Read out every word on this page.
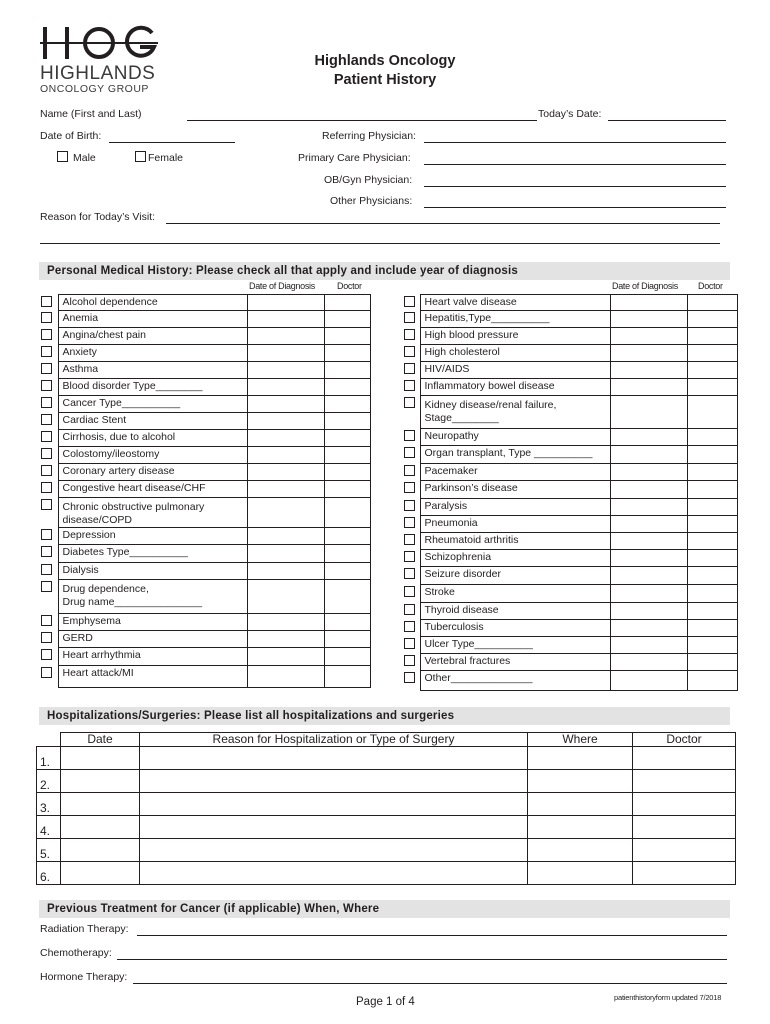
HIGHLANDS
ONCOLOGY GROUP
Highlands Oncology
Patient History
Name (First and Last)	Today’s Date:
Date of Birth:	Referring Physician:
Male	Female	Primary Care Physician:
OB/Gyn Physician:
Other Physicians:
Reason for Today’s Visit:
Personal Medical History: Please check all that apply and include year of diagnosis
Date of Diagnosis Doctor	Date of Diagnosis Doctor

	Alcohol dependence		

	Anemia		

	Angina/chest pain		

	Anxiety		

	Asthma		

	Blood disorder Type________		

	Cancer Type__________		

	Cardiac Stent		

	Cirrhosis, due to alcohol		

	Colostomy/ileostomy		

	Coronary artery disease		

	Congestive heart disease/CHF		

	Chronic obstructive pulmonary
disease/COPD		

	Depression		

	Diabetes Type__________		

	Dialysis		

	Drug dependence,
Drug name_______________		

	Emphysema		

	GERD		

	Heart arrhythmia		

	Heart attack/MI		

	Heart valve disease		

	Hepatitis,Type__________		

	High blood pressure		

	High cholesterol		

	HIV/AIDS		

	Inflammatory bowel disease		

	Kidney disease/renal failure,
Stage________		

	Neuropathy		

	Organ transplant, Type __________		

	Pacemaker		

	Parkinson’s disease		

	Paralysis		

	Pneumonia		

	Rheumatoid arthritis		

	Schizophrenia		

	Seizure disorder		

	Stroke		

	Thyroid disease		

	Tuberculosis		

	Ulcer Type__________		

	Vertebral fractures		

	Other______________		

Hospitalizations/Surgeries: Please list all hospitalizations and surgeries
	Date	Reason for Hospitalization or Type of Surgery	Where	Doctor
1.				
2.				
3.				
4.				
5.				
6.				
Previous Treatment for Cancer (if applicable) When, Where
Radiation Therapy:
Chemotherapy:
Hormone Therapy:
Page 1 of 4	patienthistoryform updated 7/2018
